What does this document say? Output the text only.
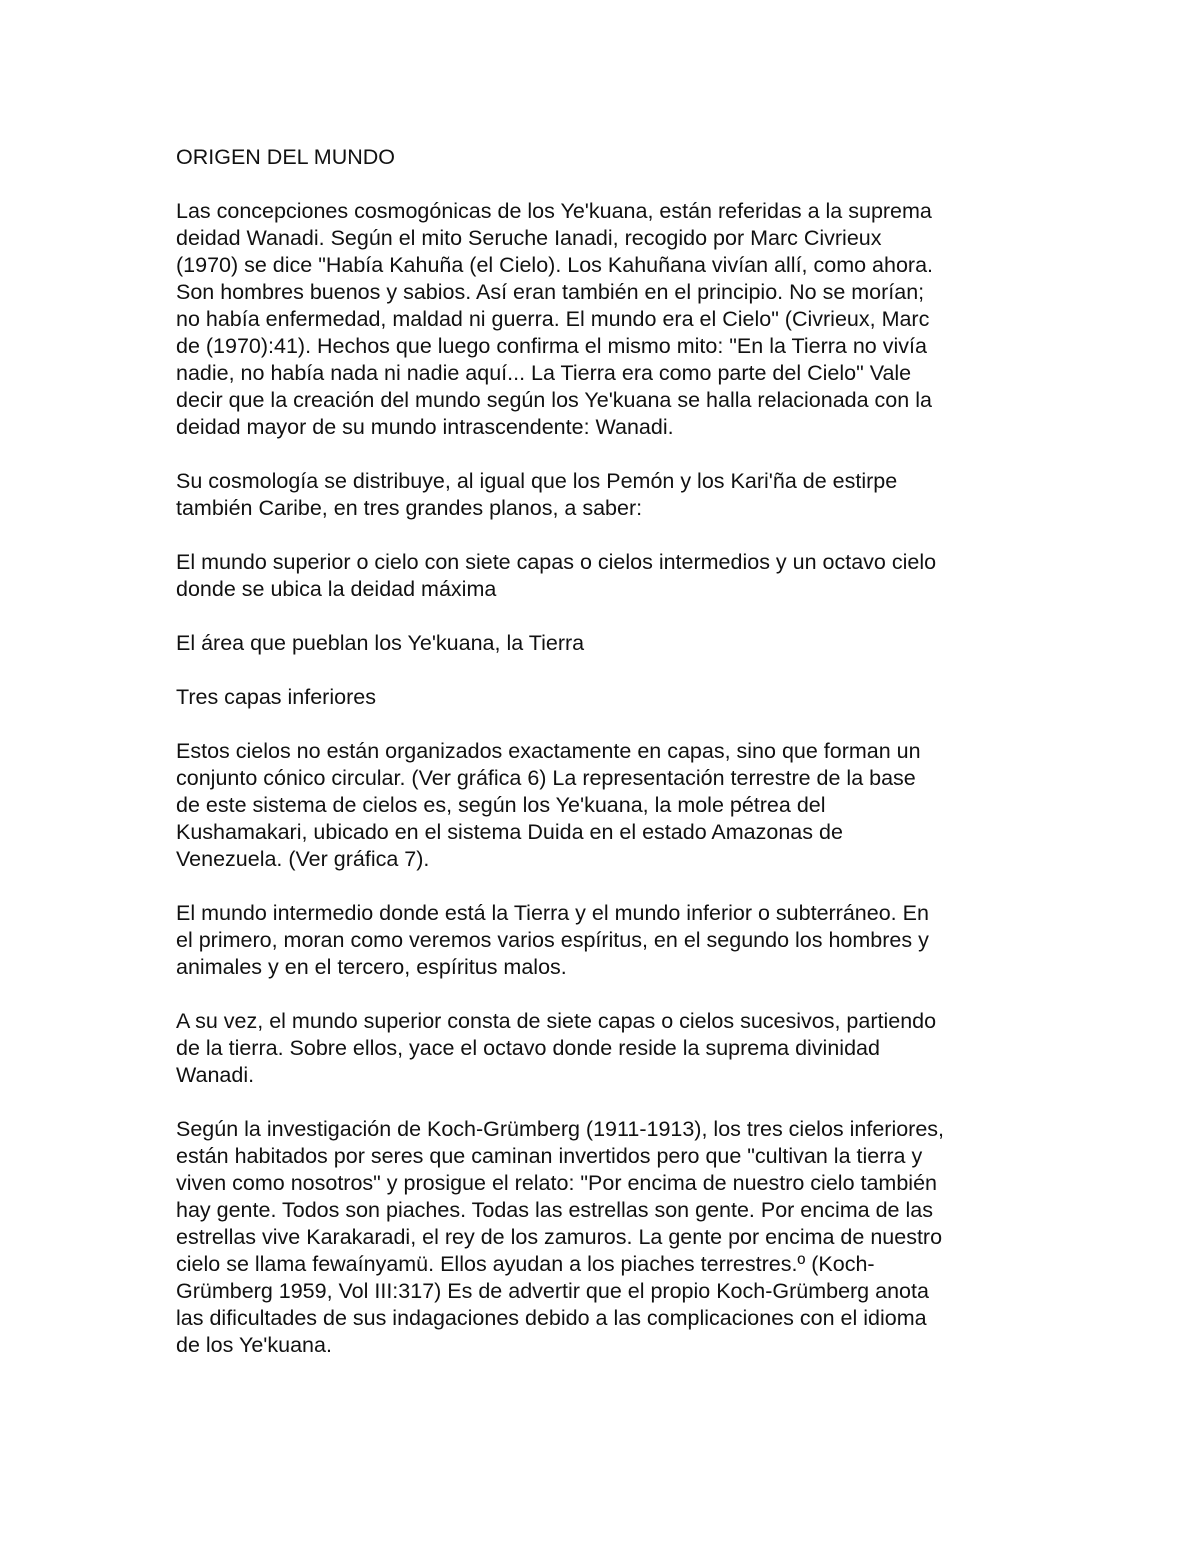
ORIGEN DEL MUNDO
Las concepciones cosmogónicas de los Ye'kuana, están referidas a la suprema
deidad Wanadi. Según el mito Seruche Ianadi, recogido por Marc Civrieux
(1970) se dice "Había Kahuña (el Cielo). Los Kahuñana vivían allí, como ahora.
Son hombres buenos y sabios. Así eran también en el principio. No se morían;
no había enfermedad, maldad ni guerra. El mundo era el Cielo" (Civrieux, Marc
de (1970):41). Hechos que luego confirma el mismo mito: "En la Tierra no vivía
nadie, no había nada ni nadie aquí... La Tierra era como parte del Cielo" Vale
decir que la creación del mundo según los Ye'kuana se halla relacionada con la
deidad mayor de su mundo intrascendente: Wanadi.
Su cosmología se distribuye, al igual que los Pemón y los Kari'ña de estirpe
también Caribe, en tres grandes planos, a saber:
El mundo superior o cielo con siete capas o cielos intermedios y un octavo cielo
donde se ubica la deidad máxima
El área que pueblan los Ye'kuana, la Tierra
Tres capas inferiores
Estos cielos no están organizados exactamente en capas, sino que forman un
conjunto cónico circular. (Ver gráfica 6) La representación terrestre de la base
de este sistema de cielos es, según los Ye'kuana, la mole pétrea del
Kushamakari, ubicado en el sistema Duida en el estado Amazonas de
Venezuela. (Ver gráfica 7).
El mundo intermedio donde está la Tierra y el mundo inferior o subterráneo. En
el primero, moran como veremos varios espíritus, en el segundo los hombres y
animales y en el tercero, espíritus malos.
A su vez, el mundo superior consta de siete capas o cielos sucesivos, partiendo
de la tierra. Sobre ellos, yace el octavo donde reside la suprema divinidad
Wanadi.
Según la investigación de Koch-Grümberg (1911-1913), los tres cielos inferiores,
están habitados por seres que caminan invertidos pero que "cultivan la tierra y
viven como nosotros" y prosigue el relato: "Por encima de nuestro cielo también
hay gente. Todos son piaches. Todas las estrellas son gente. Por encima de las
estrellas vive Karakaradi, el rey de los zamuros. La gente por encima de nuestro
cielo se llama fewaínyamü. Ellos ayudan a los piaches terrestres.º (Koch-
Grümberg 1959, Vol III:317) Es de advertir que el propio Koch-Grümberg anota
las dificultades de sus indagaciones debido a las complicaciones con el idioma
de los Ye'kuana.
